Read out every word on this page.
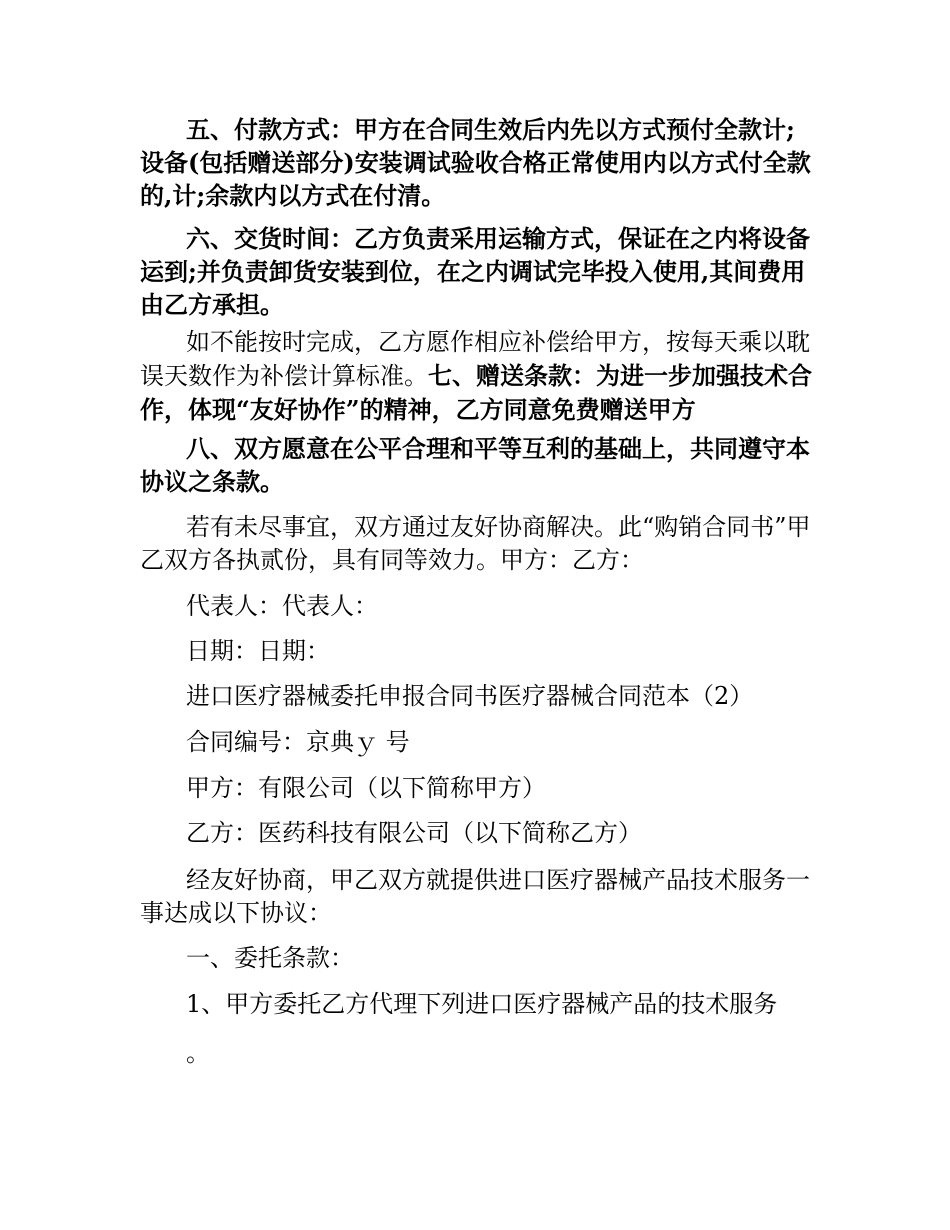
五、付款方式：甲方在合同生效后内先以方式预付全款计;设备(包括赠送部分)安装调试验收合格正常使用内以方式付全款的,计;余款内以方式在付清。

六、交货时间：乙方负责采用运输方式，保证在之内将设备运到;并负责卸货安装到位，在之内调试完毕投入使用,其间费用由乙方承担。

如不能按时完成，乙方愿作相应补偿给甲方，按每天乘以耽误天数作为补偿计算标准。七、赠送条款：为进一步加强技术合作，体现“友好协作”的精神，乙方同意免费赠送甲方

八、双方愿意在公平合理和平等互利的基础上，共同遵守本协议之条款。

若有未尽事宜，双方通过友好协商解决。此“购销合同书”甲乙双方各执贰份，具有同等效力。甲方：乙方：

代表人：代表人：

日期：日期：

进口医疗器械委托申报合同书医疗器械合同范本（2）

合同编号：京典ｙ 号

甲方：有限公司（以下简称甲方）

乙方：医药科技有限公司（以下简称乙方）

经友好协商，甲乙双方就提供进口医疗器械产品技术服务一事达成以下协议：

一、委托条款：

1、甲方委托乙方代理下列进口医疗器械产品的技术服务

。
